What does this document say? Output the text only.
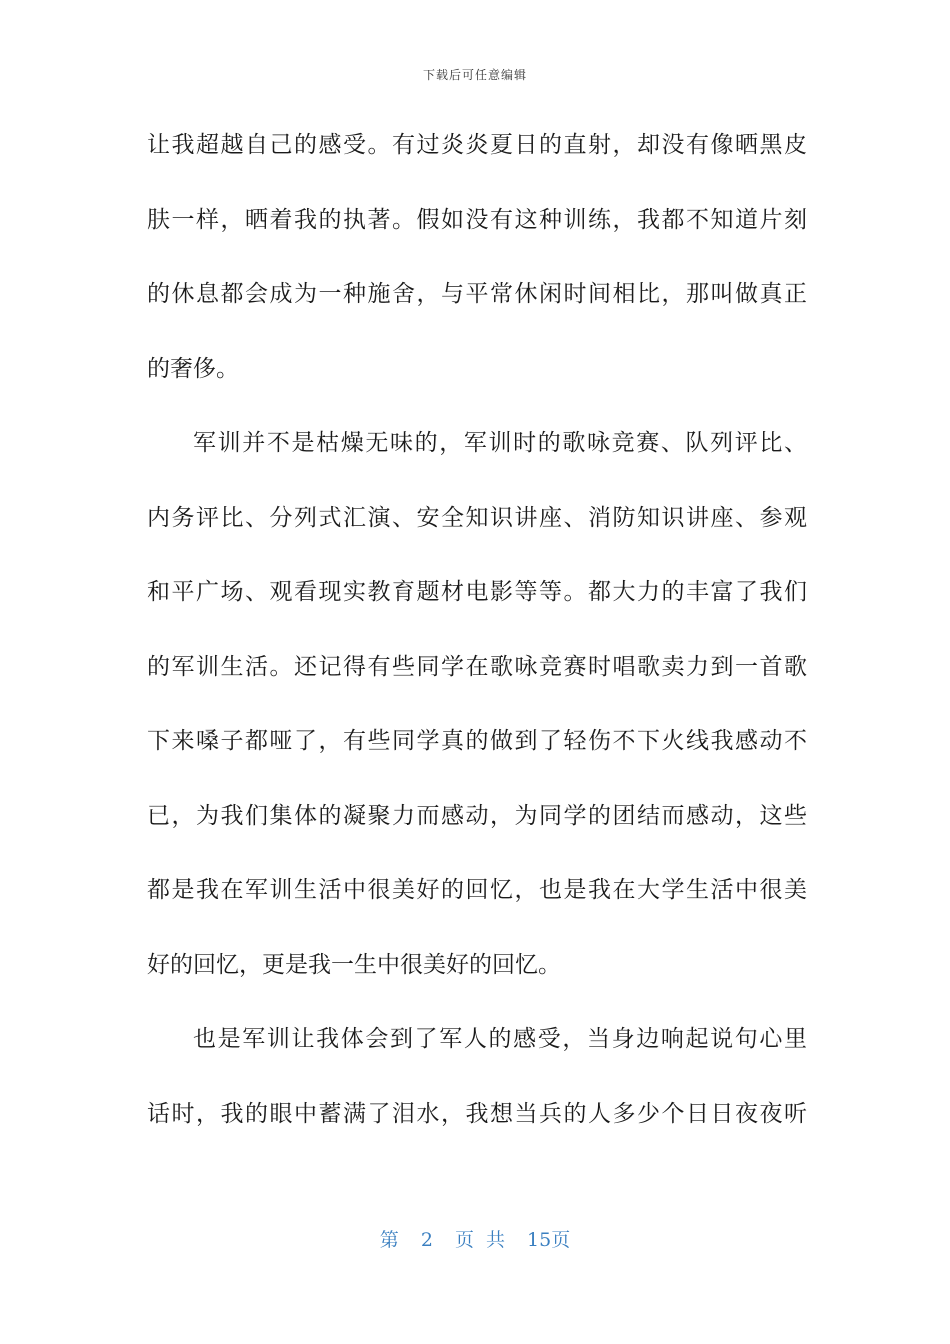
下载后可任意编辑
让我超越自己的感受。有过炎炎夏日的直射，却没有像晒黑皮
肤一样，晒着我的执著。假如没有这种训练，我都不知道片刻
的休息都会成为一种施舍，与平常休闲时间相比，那叫做真正
的奢侈。
军训并不是枯燥无味的，军训时的歌咏竞赛、队列评比、
内务评比、分列式汇演、安全知识讲座、消防知识讲座、参观
和平广场、观看现实教育题材电影等等。都大力的丰富了我们
的军训生活。还记得有些同学在歌咏竞赛时唱歌卖力到一首歌
下来嗓子都哑了，有些同学真的做到了轻伤不下火线我感动不
已，为我们集体的凝聚力而感动，为同学的团结而感动，这些
都是我在军训生活中很美好的回忆，也是我在大学生活中很美
好的回忆，更是我一生中很美好的回忆。
也是军训让我体会到了军人的感受，当身边响起说句心里
话时，我的眼中蓄满了泪水，我想当兵的人多少个日日夜夜听
第 2 页 共 15页
